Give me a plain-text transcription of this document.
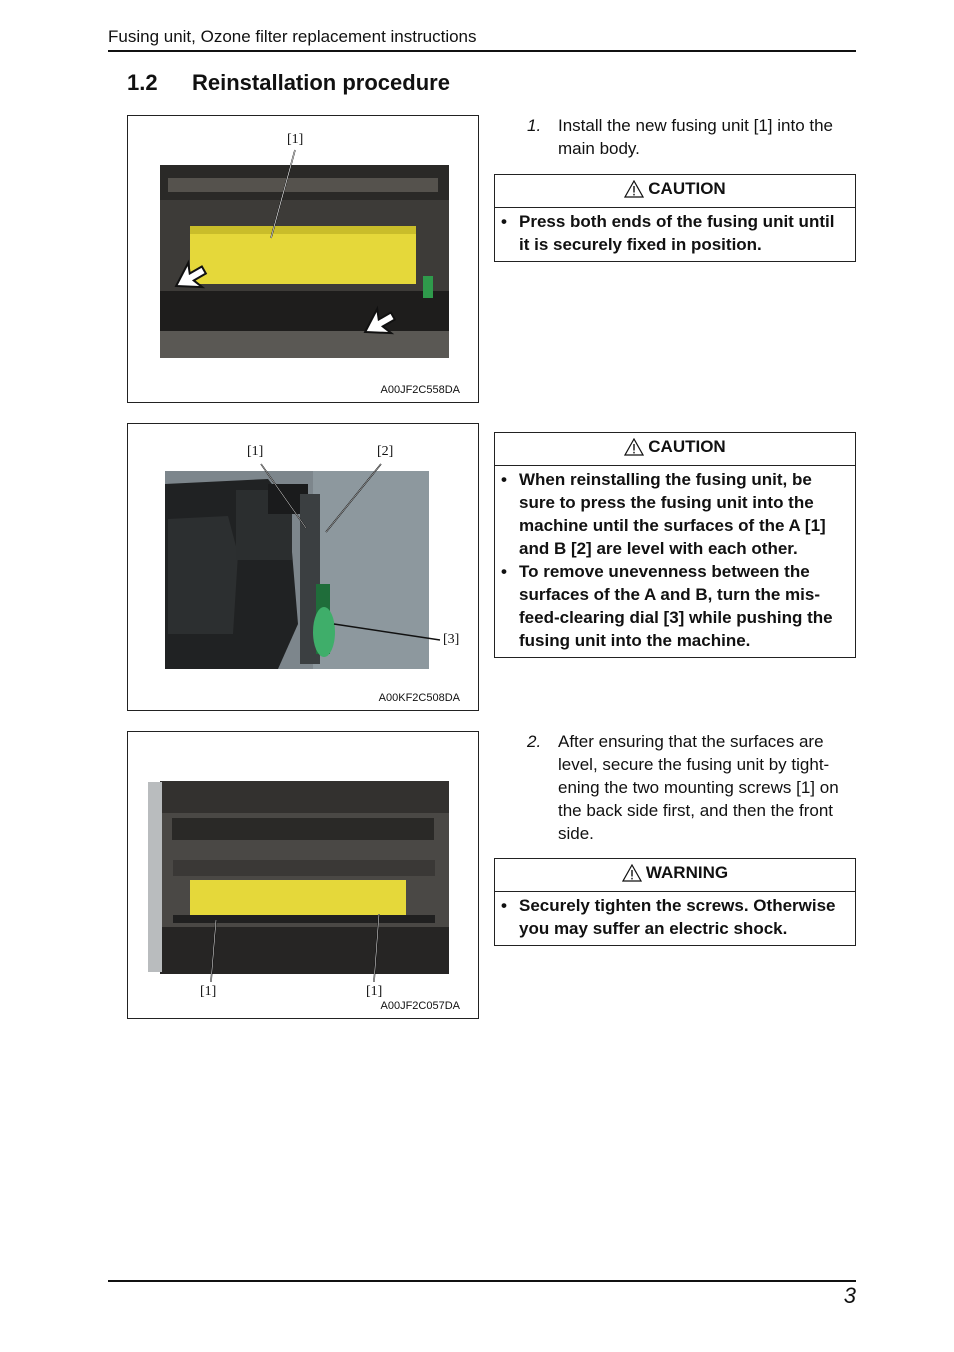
Fusing unit, Ozone filter replacement instructions
1.2 Reinstallation procedure
[1]
A00JF2C558DA
[1]	[2]
[3]
A00KF2C508DA
[1]	[1]
A00JF2C057DA
1. Install the new fusing unit [1] into the main body.
CAUTION
• Press both ends of the fusing unit until it is securely fixed in position.
CAUTION
• When reinstalling the fusing unit, be sure to press the fusing unit into the machine until the surfaces of the A [1] and B [2] are level with each other.
• To remove unevenness between the surfaces of the A and B, turn the mis-feed-clearing dial [3] while pushing the fusing unit into the machine.
2. After ensuring that the surfaces are level, secure the fusing unit by tight-ening the two mounting screws [1] on the back side first, and then the front side.
WARNING
• Securely tighten the screws. Otherwise you may suffer an electric shock.
3
